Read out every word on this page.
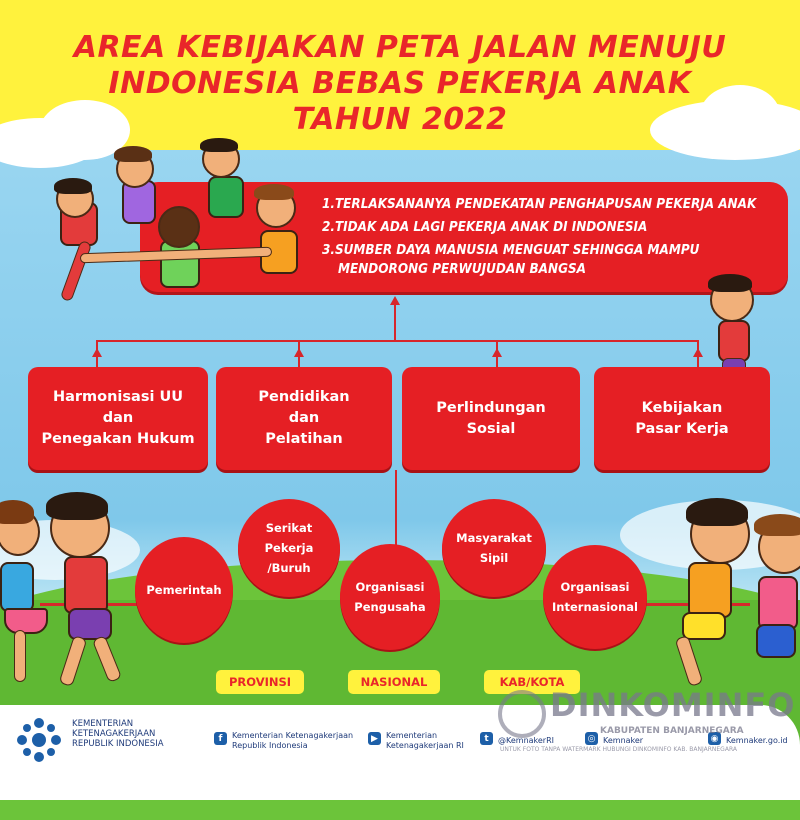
AREA KEBIJAKAN PETA JALAN MENUJU
INDONESIA BEBAS PEKERJA ANAK
TAHUN 2022
1.TERLAKSANANYA PENDEKATAN PENGHAPUSAN PEKERJA ANAK
2.TIDAK ADA LAGI PEKERJA ANAK DI INDONESIA
3.SUMBER DAYA MANUSIA MENGUAT SEHINGGA MAMPU
MENDORONG PERWUJUDAN BANGSA
Harmonisasi UU
dan
Penegakan Hukum
Pendidikan
dan
Pelatihan
Perlindungan
Sosial
Kebijakan
Pasar Kerja
Pemerintah
Serikat
Pekerja
/Buruh
Organisasi
Pengusaha
Masyarakat
Sipil
Organisasi
Internasional
PROVINSI	NASIONAL	KAB/KOTA
KEMENTERIAN
KETENAGAKERJAAN
REPUBLIK INDONESIA
f	Kementerian Ketenagakerjaan
Republik Indonesia
▶	Kementerian
Ketenagakerjaan RI
t	@KemnakerRI	◎ Kemnaker	◉ Kemnaker.go.id
DINKOMINFO
KABUPATEN BANJARNEGARA
UNTUK FOTO TANPA WATERMARK HUBUNGI DINKOMINFO KAB. BANJARNEGARA
